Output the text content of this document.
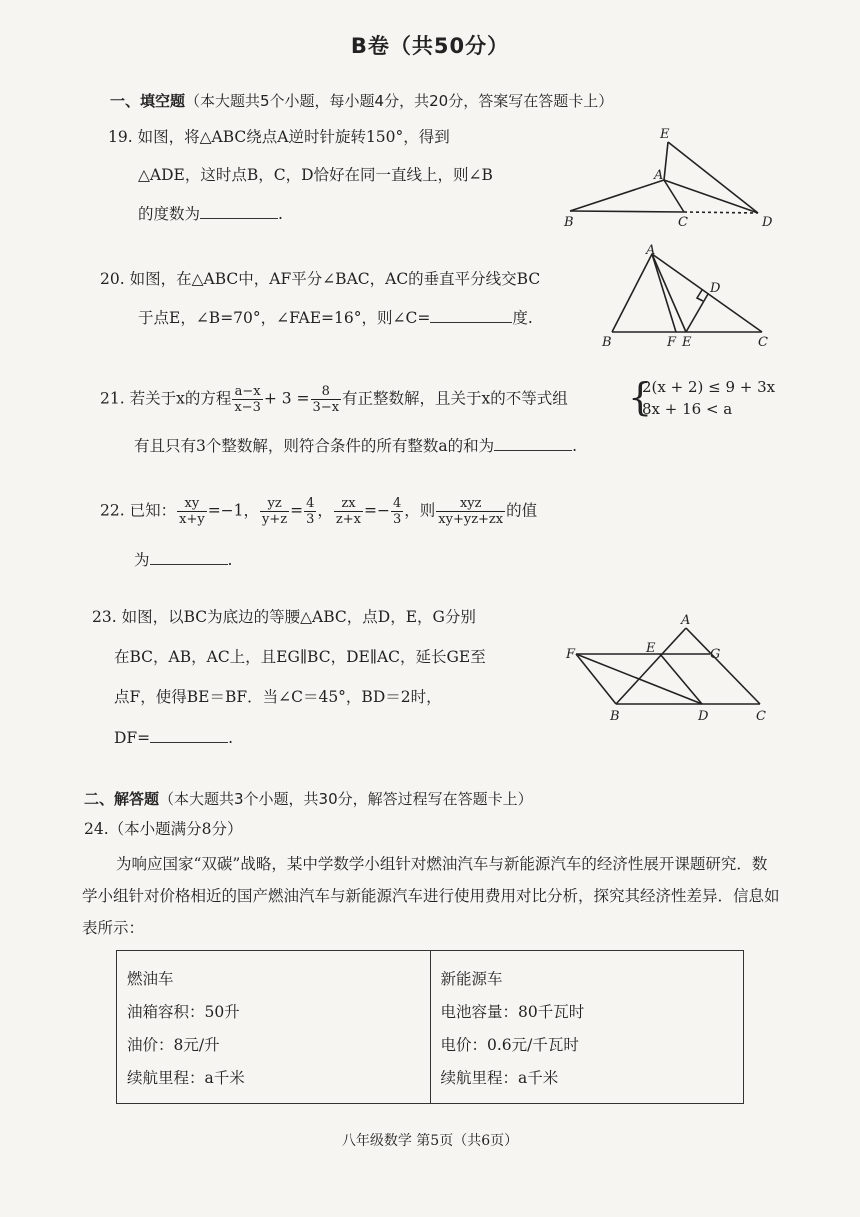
B卷（共50分）
一、填空题（本大题共5个小题，每小题4分，共20分，答案写在答题卡上）
19. 如图，将△ABC绕点A逆时针旋转150°，得到
△ADE，这时点B，C，D恰好在同一直线上，则∠B
的度数为	.
E
A
B	C	D
20. 如图，在△ABC中，AF平分∠BAC，AC的垂直平分线交BC
于点E，∠B=70°，∠FAE=16°，则∠C=	度.
A
D
B	F E	C
21. 若关于x的方程 $\frac{a-x}{x-3} + 3 = \frac{8}{3-x}$ 有正整数解，且关于x的不等式组 {
2(x + 2) ≤ 9 + 3x
8x + 16 < a
有且只有3个整数解，则符合条件的所有整数a的和为	.
22. 已知： $\frac{xy}{x+y} =-1$， $\frac{yz}{y+z} = \frac{4}{3}$ ， $\frac{zx}{z+x} =- \frac{4}{3}$ ，则 $\frac{\text{xyz}}{xy+yz+zx}$ 的值
为	.
23. 如图，以BC为底边的等腰△ABC，点D，E，G分别
在BC，AB，AC上，且EG∥BC，DE∥AC，延长GE至
点F，使得BE＝BF．当∠C＝45°，BD＝2时，
DF=	.
A
F	E	G
B	D	C
二、解答题（本大题共3个小题，共30分，解答过程写在答题卡上）
24.（本小题满分8分）
为响应国家“双碳”战略，某中学数学小组针对燃油汽车与新能源汽车的经济性展开课题研究．数学小组针对价格相近的国产燃油汽车与新能源汽车进行使用费用对比分析，探究其经济性差异．信息如表所示：
燃油车
油箱容积：50升
油价：8元/升
续航里程：a千米

新能源车
电池容量：80千瓦时
电价：0.6元/千瓦时
续航里程：a千米
八年级数学 第5页（共6页）
